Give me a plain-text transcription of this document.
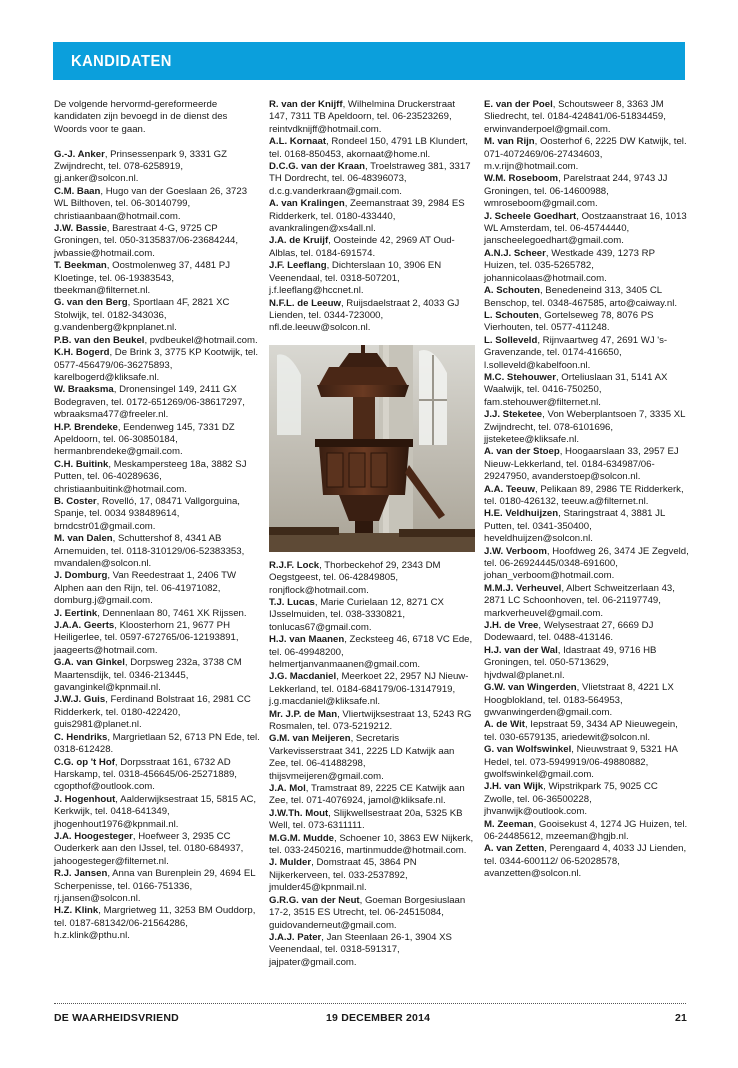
KANDIDATEN

De volgende hervormd-gereformeerde kandidaten zijn bevoegd in de dienst des Woords voor te gaan.

G.-J. Anker, Prinsessenpark 9, 3331 GZ Zwijndrecht, tel. 078-6258919, gj.anker@solcon.nl.

C.M. Baan, Hugo van der Goeslaan 26, 3723 WL Bilthoven, tel. 06-30140799, christiaanbaan@hotmail.com.

J.W. Bassie, Barestraat 4-G, 9725 CP Groningen, tel. 050-3135837/06-23684244, jwbassie@hotmail.com.

T. Beekman, Oostmolenweg 37, 4481 PJ Kloetinge, tel. 06-19383543, tbeekman@filternet.nl.

G. van den Berg, Sportlaan 4F, 2821 XC Stolwijk, tel. 0182-343036, g.vandenberg@kpnplanet.nl.

P.B. van den Beukel, pvdbeukel@hotmail.com.

K.H. Bogerd, De Brink 3, 3775 KP Kootwijk, tel. 0577-456479/06-36275893, karelbogerd@kliksafe.nl.

W. Braaksma, Dronensingel 149, 2411 GX Bodegraven, tel. 0172-651269/06-38617297, wbraaksma477@freeler.nl.

H.P. Brendeke, Eendenweg 145, 7331 DZ Apeldoorn, tel. 06-30850184, hermanbrendeke@gmail.com.

C.H. Buitink, Meskampersteeg 18a, 3882 SJ Putten, tel. 06-40289636, christiaanbuitink@hotmail.com.

B. Coster, Rovelló, 17, 08471 Vallgorguina, Spanje, tel. 0034 938489614, brndcstr01@gmail.com.

M. van Dalen, Schuttershof 8, 4341 AB Arnemuiden, tel. 0118-310129/06-52383353, mvandalen@solcon.nl.

J. Domburg, Van Reedestraat 1, 2406 TW Alphen aan den Rijn, tel. 06-41971082, domburg.j@gmail.com.

J. Eertink, Dennenlaan 80, 7461 XK Rijssen.

J.A.A. Geerts, Kloosterhorn 21, 9677 PH Heiligerlee, tel. 0597-672765/06-12193891, jaageerts@hotmail.com.

G.A. van Ginkel, Dorpsweg 232a, 3738 CM Maartensdijk, tel. 0346-213445, gavanginkel@kpnmail.nl.

J.W.J. Guis, Ferdinand Bolstraat 16, 2981 CC Ridderkerk, tel. 0180-422420, guis2981@planet.nl.

C. Hendriks, Margrietlaan 52, 6713 PN Ede, tel. 0318-612428.

C.G. op 't Hof, Dorpsstraat 161, 6732 AD Harskamp, tel. 0318-456645/06-25271889, cgopthof@outlook.com.

J. Hogenhout, Aalderwijksestraat 15, 5815 AC, Kerkwijk, tel. 0418-641349, jhogenhout1976@kpnmail.nl.

J.A. Hoogesteger, Hoefweer 3, 2935 CC Ouderkerk aan den IJssel, tel. 0180-684937, jahoogesteger@filternet.nl.

R.J. Jansen, Anna van Burenplein 29, 4694 EL Scherpenisse, tel. 0166-751336, rj.jansen@solcon.nl.

H.Z. Klink, Margrietweg 11, 3253 BM Ouddorp, tel. 0187-681342/06-21564286, h.z.klink@pthu.nl.

R. van der Knijff, Wilhelmina Druckerstraat 147, 7311 TB Apeldoorn, tel. 06-23523269, reintvdknijff@hotmail.com.

A.L. Kornaat, Rondeel 150, 4791 LB Klundert, tel. 0168-850453, akornaat@home.nl.

D.C.G. van der Kraan, Troelstraweg 381, 3317 TH Dordrecht, tel. 06-48396073, d.c.g.vanderkraan@gmail.com.

A. van Kralingen, Zeemanstraat 39, 2984 ES Ridderkerk, tel. 0180-433440, avankralingen@xs4all.nl.

J.A. de Kruijf, Oosteinde 42, 2969 AT Oud-Alblas, tel. 0184-691574.

J.F. Leeflang, Dichterslaan 10, 3906 EN Veenendaal, tel. 0318-507201, j.f.leeflang@hccnet.nl.

N.F.L. de Leeuw, Ruijsdaelstraat 2, 4033 GJ Lienden, tel. 0344-723000, nfl.de.leeuw@solcon.nl.

R.J.F. Lock, Thorbeckehof 29, 2343 DM Oegstgeest, tel. 06-42849805, ronjflock@hotmail.com.

T.J. Lucas, Marie Curielaan 12, 8271 CX IJsselmuiden, tel. 038-3330821, tonlucas67@gmail.com.

H.J. van Maanen, Zecksteeg 46, 6718 VC Ede, tel. 06-49948200, helmertjanvanmaanen@gmail.com.

J.G. Macdaniel, Meerkoet 22, 2957 NJ Nieuw-Lekkerland, tel. 0184-684179/06-13147919, j.g.macdaniel@kliksafe.nl.

Mr. J.P. de Man, Vliertwijksestraat 13, 5243 RG Rosmalen, tel. 073-5219212.

G.M. van Meijeren, Secretaris Varkevisserstraat 341, 2225 LD Katwijk aan Zee, tel. 06-41488298, thijsvmeijeren@gmail.com.

J.A. Mol, Tramstraat 89, 2225 CE Katwijk aan Zee, tel. 071-4076924, jamol@kliksafe.nl.

J.W.Th. Mout, Slijkwellsestraat 20a, 5325 KB Well, tel. 073-6311111.

M.G.M. Mudde, Schoener 10, 3863 EW Nijkerk, tel. 033-2450216, martinmudde@hotmail.com.

J. Mulder, Domstraat 45, 3864 PN Nijkerkerveen, tel. 033-2537892, jmulder45@kpnmail.nl.

G.R.G. van der Neut, Goeman Borgesiuslaan 17-2, 3515 ES Utrecht, tel. 06-24515084, guidovanderneut@gmail.com.

J.A.J. Pater, Jan Steenlaan 26-1, 3904 XS Veenendaal, tel. 0318-591317, jajpater@gmail.com.

E. van der Poel, Schoutsweer 8, 3363 JM Sliedrecht, tel. 0184-424841/06-51834459, erwinvanderpoel@gmail.com.

M. van Rijn, Oosterhof 6, 2225 DW Katwijk, tel. 071-4072469/06-27434603, m.v.rijn@hotmail.com.

W.M. Roseboom, Parelstraat 244, 9743 JJ Groningen, tel. 06-14600988, wmroseboom@gmail.com.

J. Scheele Goedhart, Oostzaanstraat 16, 1013 WL Amsterdam, tel. 06-45744440, janscheelegoedhart@gmail.com.

A.N.J. Scheer, Westkade 439, 1273 RP Huizen, tel. 035-5265782, johannicolaas@hotmail.com.

A. Schouten, Benedeneind 313, 3405 CL Benschop, tel. 0348-467585, arto@caiway.nl.

L. Schouten, Gortelseweg 78, 8076 PS Vierhouten, tel. 0577-411248.

L. Solleveld, Rijnvaartweg 47, 2691 WJ 's-Gravenzande, tel. 0174-416650, l.solleveld@kabelfoon.nl.

M.C. Stehouwer, Orteliuslaan 31, 5141 AX Waalwijk, tel. 0416-750250, fam.stehouwer@filternet.nl.

J.J. Steketee, Von Weberplantsoen 7, 3335 XL Zwijndrecht, tel. 078-6101696, jjsteketee@kliksafe.nl.

A. van der Stoep, Hoogaarslaan 33, 2957 EJ Nieuw-Lekkerland, tel. 0184-634987/06-29247950, avanderstoep@solcon.nl.

A.A. Teeuw, Pelikaan 89, 2986 TE Ridderkerk, tel. 0180-426132, teeuw.a@filternet.nl.

H.E. Veldhuijzen, Staringstraat 4, 3881 JL Putten, tel. 0341-350400, heveldhuijzen@solcon.nl.

J.W. Verboom, Hoofdweg 26, 3474 JE Zegveld, tel. 06-26924445/0348-691600, johan_verboom@hotmail.com.

M.M.J. Verheuvel, Albert Schweitzerlaan 43, 2871 LC Schoonhoven, tel. 06-21197749, markverheuvel@gmail.com.

J.H. de Vree, Welysestraat 27, 6669 DJ Dodewaard, tel. 0488-413146.

H.J. van der Wal, Idastraat 49, 9716 HB Groningen, tel. 050-5713629, hjvdwal@planet.nl.

G.W. van Wingerden, Vlietstraat 8, 4221 LX Hoogblokland, tel. 0183-564953, gwvanwingerden@gmail.com.

A. de Wit, Iepstraat 59, 3434 AP Nieuwegein, tel. 030-6579135, ariedewit@solcon.nl.

G. van Wolfswinkel, Nieuwstraat 9, 5321 HA Hedel, tel. 073-5949919/06-49880882, gwolfswinkel@gmail.com.

J.H. van Wijk, Wipstrikpark 75, 9025 CC Zwolle, tel. 06-36500228, jhvanwijk@outlook.com.

M. Zeeman, Gooisekust 4, 1274 JG Huizen, tel. 06-24485612, mzeeman@hgjb.nl.

A. van Zetten, Perengaard 4, 4033 JJ Lienden, tel. 0344-600112/ 06-52028578, avanzetten@solcon.nl.

DE WAARHEIDSVRIEND	19 DECEMBER 2014	21
